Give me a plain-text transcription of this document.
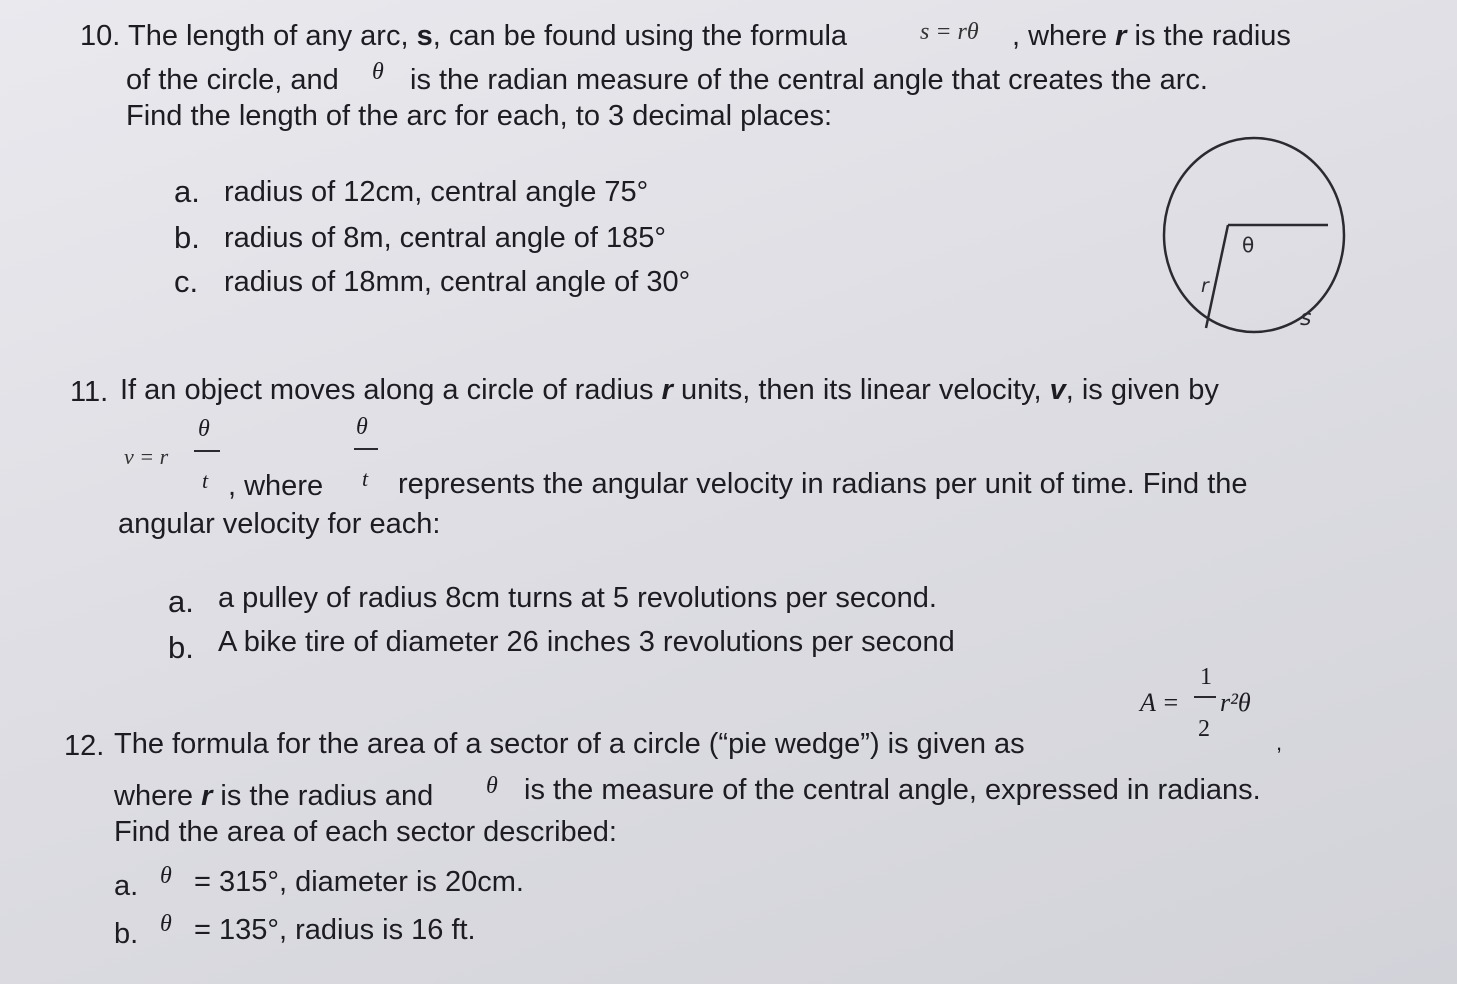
10. The length of any arc, s, can be found using the formula	s = rθ , where r is the radius
of the circle, and θ is the radian measure of the central angle that creates the arc.
Find the length of the arc for each, to 3 decimal places:
a. radius of 12cm, central angle 75°
b. radius of 8m, central angle of 185°
c. radius of 18mm, central angle of 30°
θ
r
s
11. If an object moves along a circle of radius r units, then its linear velocity, v, is given by
v = r
θ
t , where
θ
t represents the angular velocity in radians per unit of time. Find the
angular velocity for each:
a. a pulley of radius 8cm turns at 5 revolutions per second.
b. A bike tire of diameter 26 inches 3 revolutions per second
A =
1
2
r²θ
12. The formula for the area of a sector of a circle (“pie wedge”) is given as	,
where r is the radius and θ is the measure of the central angle, expressed in radians.
Find the area of each sector described:
a. θ = 315°, diameter is 20cm.
b. θ = 135°, radius is 16 ft.
